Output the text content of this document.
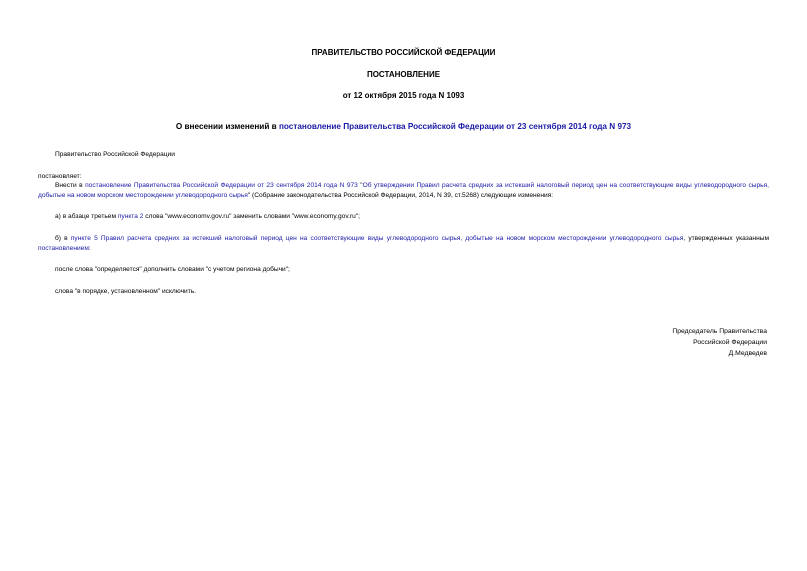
ПРАВИТЕЛЬСТВО РОССИЙСКОЙ ФЕДЕРАЦИИ
ПОСТАНОВЛЕНИЕ
от 12 октября 2015 года N 1093
О внесении изменений в постановление Правительства Российской Федерации от 23 сентября 2014 года N 973
Правительство Российской Федерации
постановляет:
Внести в постановление Правительства Российской Федерации от 23 сентября 2014 года N 973 "Об утверждении Правил расчета средних за истекший налоговый период цен на соответствующие виды углеводородного сырья, добытые на новом морском месторождении углеводородного сырья" (Собрание законодательства Российской Федерации, 2014, N 39, ст.5268) следующие изменения:
а) в абзаце третьем пункта 2 слова "www.economv.gov.ru" заменить словами "www.economy.gov.ru";
б) в пункте 5 Правил расчета средних за истекший налоговый период цен на соответствующие виды углеводородного сырья, добытые на новом морском месторождении углеводородного сырья, утвержденных указанным постановлением:
после слова "определяется" дополнить словами "с учетом региона добычи";
слова "в порядке, установленном" исключить.
Председатель Правительства
Российской Федерации
Д.Медведев
